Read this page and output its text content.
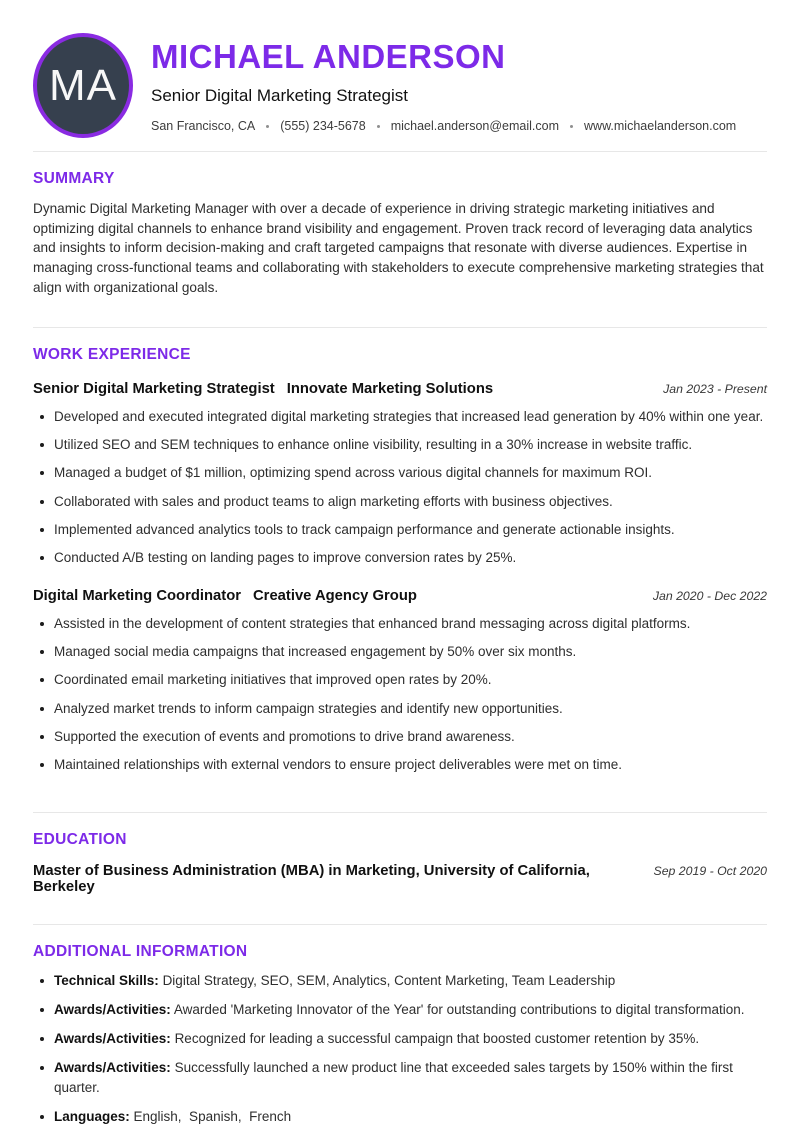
MA
MICHAEL ANDERSON
Senior Digital Marketing Strategist
San Francisco, CA (555) 234-5678 michael.anderson@email.com www.michaelanderson.com
SUMMARY

Dynamic Digital Marketing Manager with over a decade of experience in driving strategic marketing initiatives and optimizing digital channels to enhance brand visibility and engagement. Proven track record of leveraging data analytics and insights to inform decision-making and craft targeted campaigns that resonate with diverse audiences. Expertise in managing cross-functional teams and collaborating with stakeholders to execute comprehensive marketing strategies that align with organizational goals.

WORK EXPERIENCE
Senior Digital Marketing Strategist Innovate Marketing Solutions	Jan 2023 - Present
Developed and executed integrated digital marketing strategies that increased lead generation by 40% within one year.
Utilized SEO and SEM techniques to enhance online visibility, resulting in a 30% increase in website traffic.
Managed a budget of $1 million, optimizing spend across various digital channels for maximum ROI.
Collaborated with sales and product teams to align marketing efforts with business objectives.
Implemented advanced analytics tools to track campaign performance and generate actionable insights.
Conducted A/B testing on landing pages to improve conversion rates by 25%.
Digital Marketing Coordinator Creative Agency Group	Jan 2020 - Dec 2022
Assisted in the development of content strategies that enhanced brand messaging across digital platforms.
Managed social media campaigns that increased engagement by 50% over six months.
Coordinated email marketing initiatives that improved open rates by 20%.
Analyzed market trends to inform campaign strategies and identify new opportunities.
Supported the execution of events and promotions to drive brand awareness.
Maintained relationships with external vendors to ensure project deliverables were met on time.
EDUCATION
Master of Business Administration (MBA) in Marketing, University of California, Berkeley
Sep 2019 - Oct 2020
ADDITIONAL INFORMATION
Technical Skills: Digital Strategy, SEO, SEM, Analytics, Content Marketing, Team Leadership
Awards/Activities: Awarded 'Marketing Innovator of the Year' for outstanding contributions to digital transformation.
Awards/Activities: Recognized for leading a successful campaign that boosted customer retention by 35%.
Awards/Activities: Successfully launched a new product line that exceeded sales targets by 150% within the first quarter.
Languages: English,  Spanish,  French
